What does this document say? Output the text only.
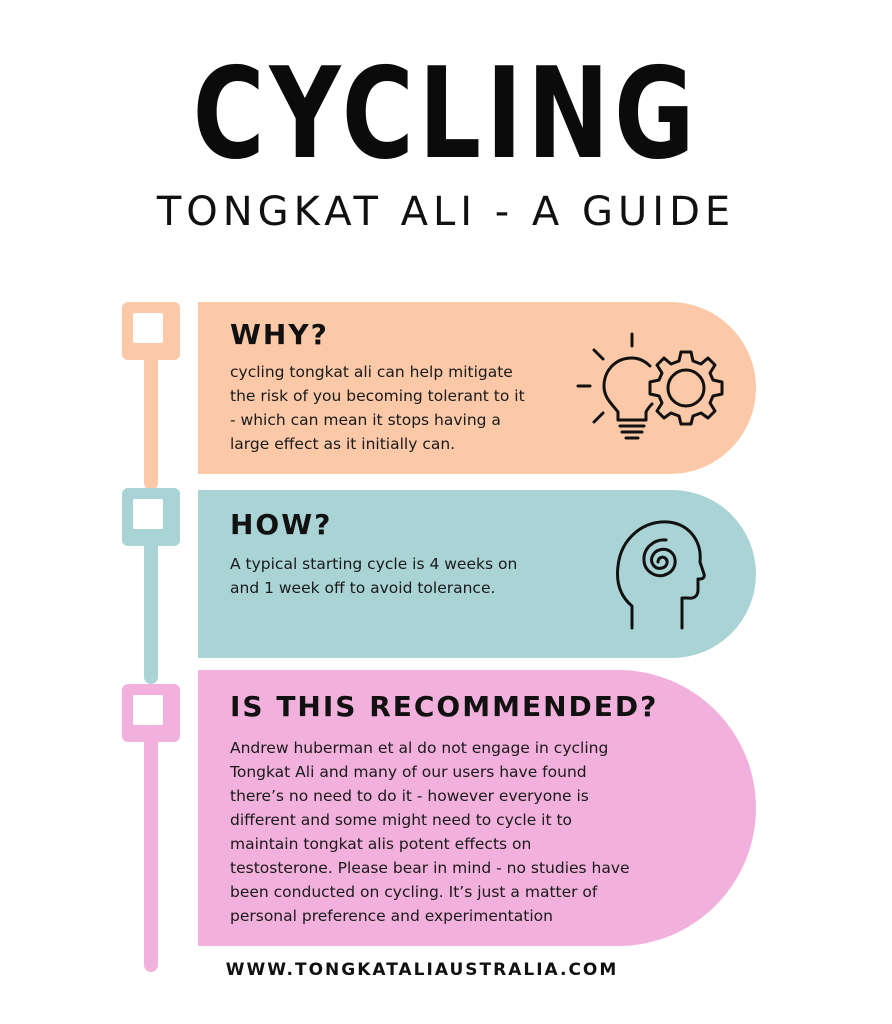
CYCLING
TONGKAT ALI - A GUIDE
WHY?
cycling tongkat ali can help mitigate the risk of you becoming tolerant to it - which can mean it stops having a large effect as it initially can.
HOW?
A typical starting cycle is 4 weeks on and 1 week off to avoid tolerance.
IS THIS RECOMMENDED?
Andrew huberman et al do not engage in cycling Tongkat Ali and many of our users have found there’s no need to do it - however everyone is different and some might need to cycle it to maintain tongkat alis potent effects on testosterone. Please bear in mind - no studies have been conducted on cycling. It’s just a matter of personal preference and experimentation
WWW.TONGKATALIAUSTRALIA.COM
